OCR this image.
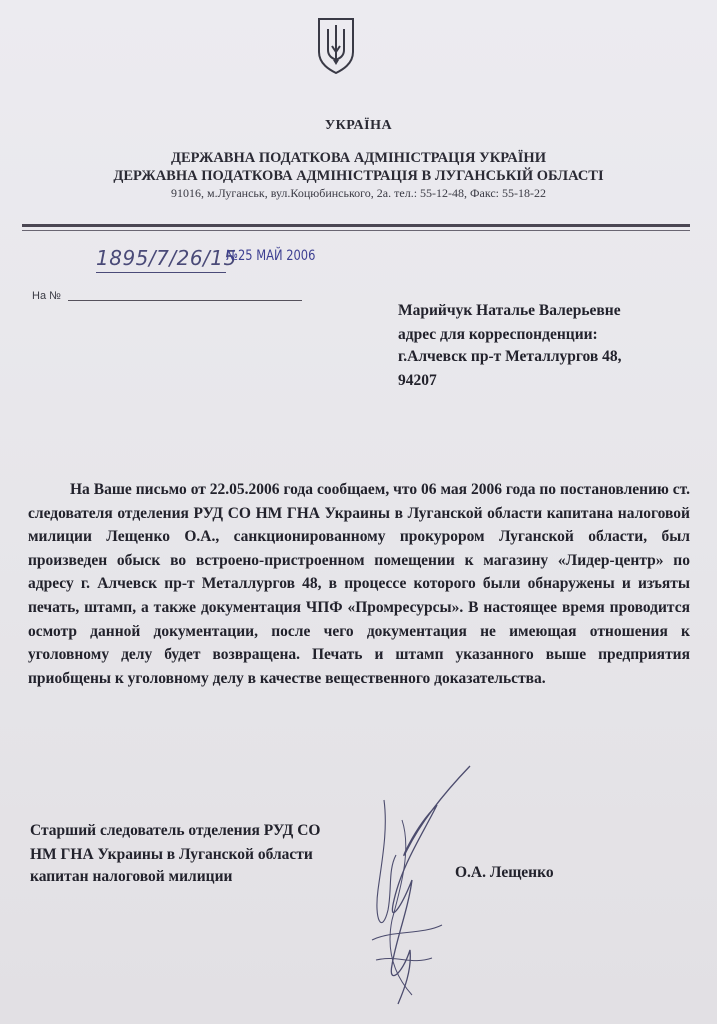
УКРАЇНА
ДЕРЖАВНА ПОДАТКОВА АДМІНІСТРАЦІЯ УКРАЇНИ
ДЕРЖАВНА ПОДАТКОВА АДМІНІСТРАЦІЯ В ЛУГАНСЬКІЙ ОБЛАСТІ
91016, м.Луганськ, вул.Коцюбинського, 2а. тел.: 55-12-48, Факс: 55-18-22
1895/7/26/15
№25 МАЙ 2006
На №
Марийчук Наталье Валерьевне
адрес для корреспонденции:
г.Алчевск пр-т Металлургов 48,
94207
На Ваше письмо от 22.05.2006 года сообщаем, что 06 мая 2006 года по постановлению ст. следователя отделения РУД СО НМ ГНА Украины в Луганской области капитана налоговой милиции Лещенко О.А., санкционированному прокурором Луганской области, был произведен обыск во встроено-пристроенном помещении к магазину «Лидер-центр» по адресу г. Алчевск пр-т Металлургов 48, в процессе которого были обнаружены и изъяты печать, штамп, а также документация ЧПФ «Промресурсы». В настоящее время проводится осмотр данной документации, после чего документация не имеющая отношения к уголовному делу будет возвращена. Печать и штамп указанного выше предприятия приобщены к уголовному делу в качестве вещественного доказательства.
Старший следователь отделения РУД СО
НМ ГНА Украины в Луганской области
капитан налоговой милиции	О.А. Лещенко
